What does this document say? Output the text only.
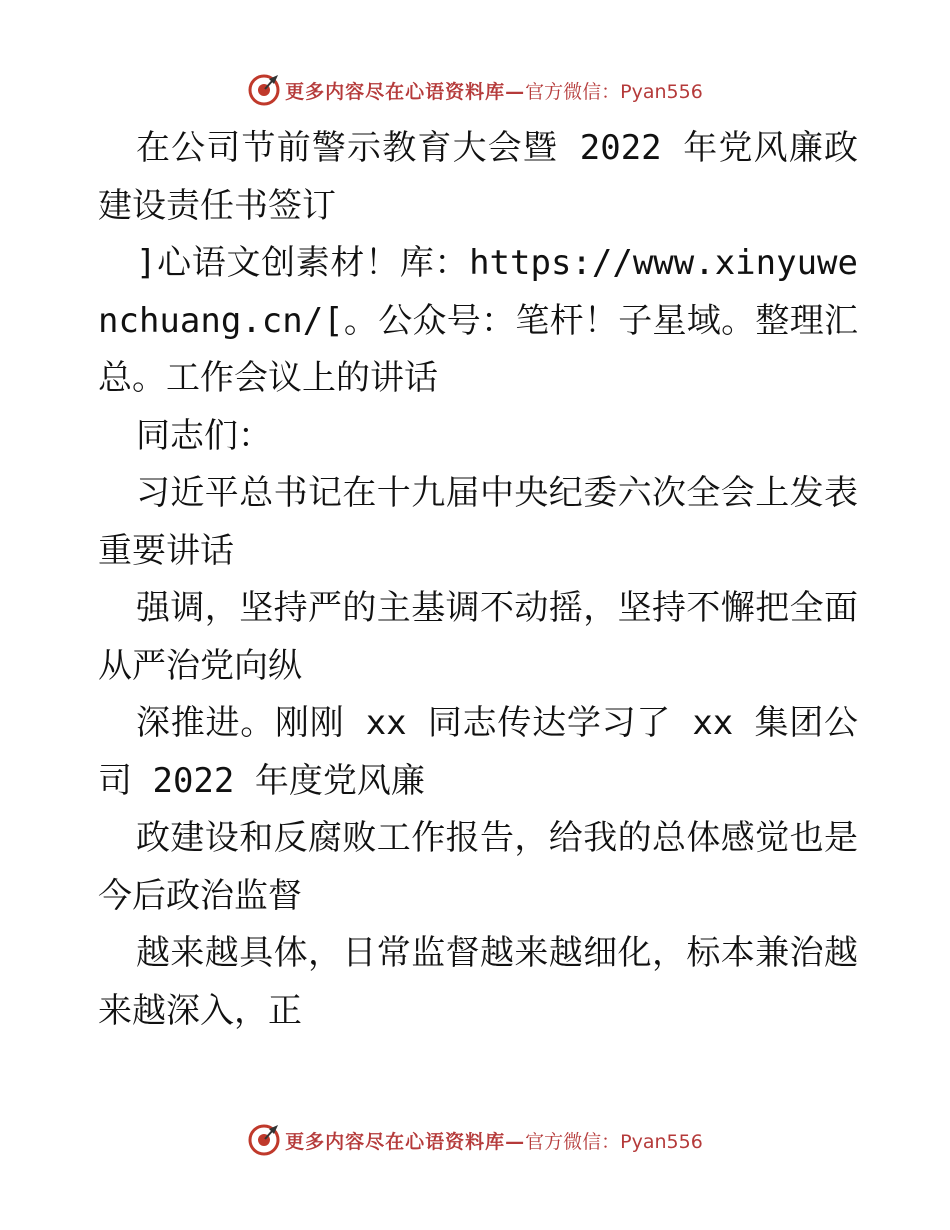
更多内容尽在心语资料库— 官方微信：Pyan556

在公司节前警示教育大会暨 2022 年党风廉政建设责任书签订

]心语文创素材！库：https://www.xinyuwenchuang.cn/[。公众号：笔杆！子星域。整理汇总。工作会议上的讲话

同志们：

习近平总书记在十九届中央纪委六次全会上发表重要讲话

强调，坚持严的主基调不动摇，坚持不懈把全面从严治党向纵

深推进。刚刚 xx 同志传达学习了 xx 集团公司 2022 年度党风廉

政建设和反腐败工作报告，给我的总体感觉也是今后政治监督

越来越具体，日常监督越来越细化，标本兼治越来越深入，正

更多内容尽在心语资料库— 官方微信：Pyan556
